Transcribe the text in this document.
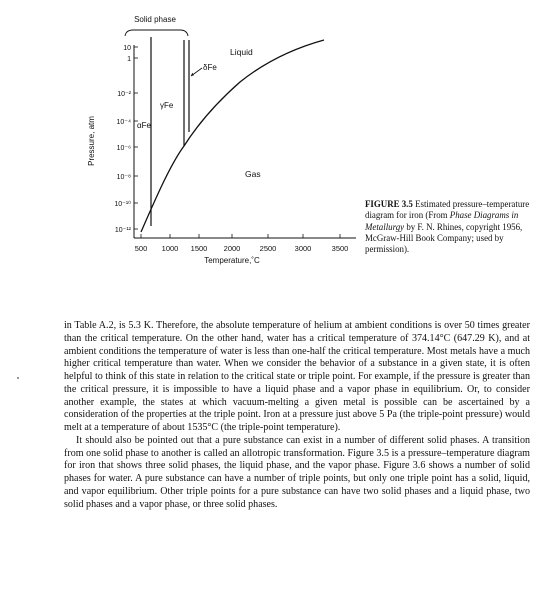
Solid phase
10
1
10⁻²
10⁻⁴
10⁻⁶
10⁻⁸
10⁻¹⁰
10⁻¹²
500 1000 1500 2000	2500 3000	3500
Temperature,˚C
Pressure, atm
Liquid
δFe
γFe
αFe
Gas
FIGURE 3.5 Estimated pressure–temperature diagram for iron (From Phase Diagrams in Metallurgy by F. N. Rhines, copyright 1956, McGraw-Hill Book Company; used by permission).

in Table A.2, is 5.3 K. Therefore, the absolute temperature of helium at ambient conditions is over 50 times greater than the critical temperature. On the other hand, water has a critical temperature of 374.14°C (647.29 K), and at ambient conditions the temperature of water is less than one-half the critical temperature. Most metals have a much higher critical temperature than water. When we consider the behavior of a substance in a given state, it is often helpful to think of this state in relation to the critical state or triple point. For example, if the pressure is greater than the critical pressure, it is impossible to have a liquid phase and a vapor phase in equilibrium. Or, to consider another example, the states at which vacuum-melting a given metal is possible can be ascertained by a consideration of the properties at the triple point. Iron at a pressure just above 5 Pa (the triple-point pressure) would melt at a temperature of about 1535°C (the triple-point temperature).

It should also be pointed out that a pure substance can exist in a number of different solid phases. A transition from one solid phase to another is called an allotropic transformation. Figure 3.5 is a pressure–temperature diagram for iron that shows three solid phases, the liquid phase, and the vapor phase. Figure 3.6 shows a number of solid phases for water. A pure substance can have a number of triple points, but only one triple point has a solid, liquid, and vapor equilibrium. Other triple points for a pure substance can have two solid phases and a liquid phase, two solid phases and a vapor phase, or three solid phases.
